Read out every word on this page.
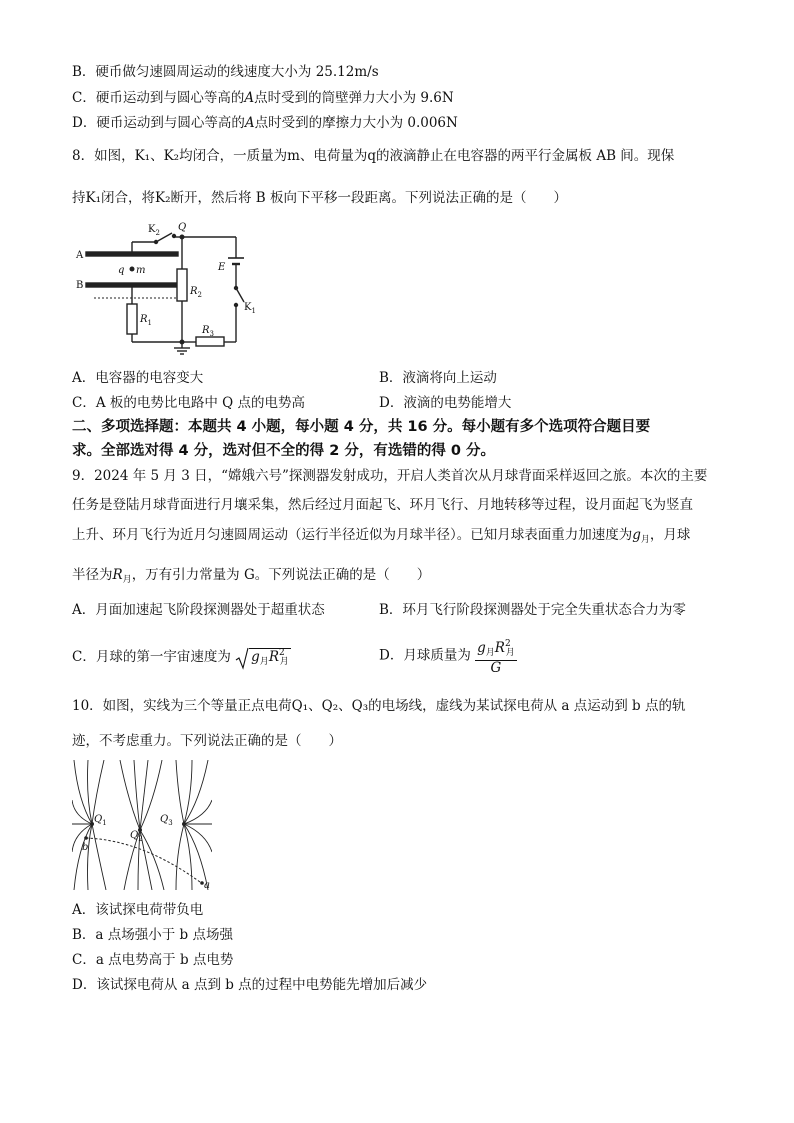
B．硬币做匀速圆周运动的线速度大小为 25.12m/s
C．硬币运动到与圆心等高的A点时受到的筒壁弹力大小为 9.6N
D．硬币运动到与圆心等高的A点时受到的摩擦力大小为 0.006N
8．如图，K₁、K₂均闭合，一质量为m、电荷量为q的液滴静止在电容器的两平行金属板 AB 间。现保
持K₁闭合，将K₂断开，然后将 B 板向下平移一段距离。下列说法正确的是（　　）
$K_2$ Q
A
B
q m	E
$R_2$
$K_1$
$R_1$
$R_3$
A．电容器的电容变大	B．液滴将向上运动
C．A 板的电势比电路中 Q 点的电势高	D．液滴的电势能增大
二、多项选择题：本题共 4 小题，每小题 4 分，共 16 分。每小题有多个选项符合题目要
求。全部选对得 4 分，选对但不全的得 2 分，有选错的得 0 分。
9．2024 年 5 月 3 日，“嫦娥六号”探测器发射成功，开启人类首次从月球背面采样返回之旅。本次的主要
任务是登陆月球背面进行月壤采集，然后经过月面起飞、环月飞行、月地转移等过程，设月面起飞为竖直
上升、环月飞行为近月匀速圆周运动（运行半径近似为月球半径）。已知月球表面重力加速度为$g_月$，月球
半径为$R_月$，万有引力常量为 G。下列说法正确的是（　　）
A．月面加速起飞阶段探测器处于超重状态	B．环月飞行阶段探测器处于完全失重状态合力为零
C．月球的第一宇宙速度为 $g_月R^2_月$	D．月球质量为 $\frac{g_月R^2_月}{G}$
10．如图，实线为三个等量正点电荷Q₁、Q₂、Q₃的电场线，虚线为某试探电荷从 a 点运动到 b 点的轨
迹，不考虑重力。下列说法正确的是（　　）
$Q_1$
$Q_2$
$Q_3$
a
b
A．该试探电荷带负电
B．a 点场强小于 b 点场强
C．a 点电势高于 b 点电势
D．该试探电荷从 a 点到 b 点的过程中电势能先增加后减少
